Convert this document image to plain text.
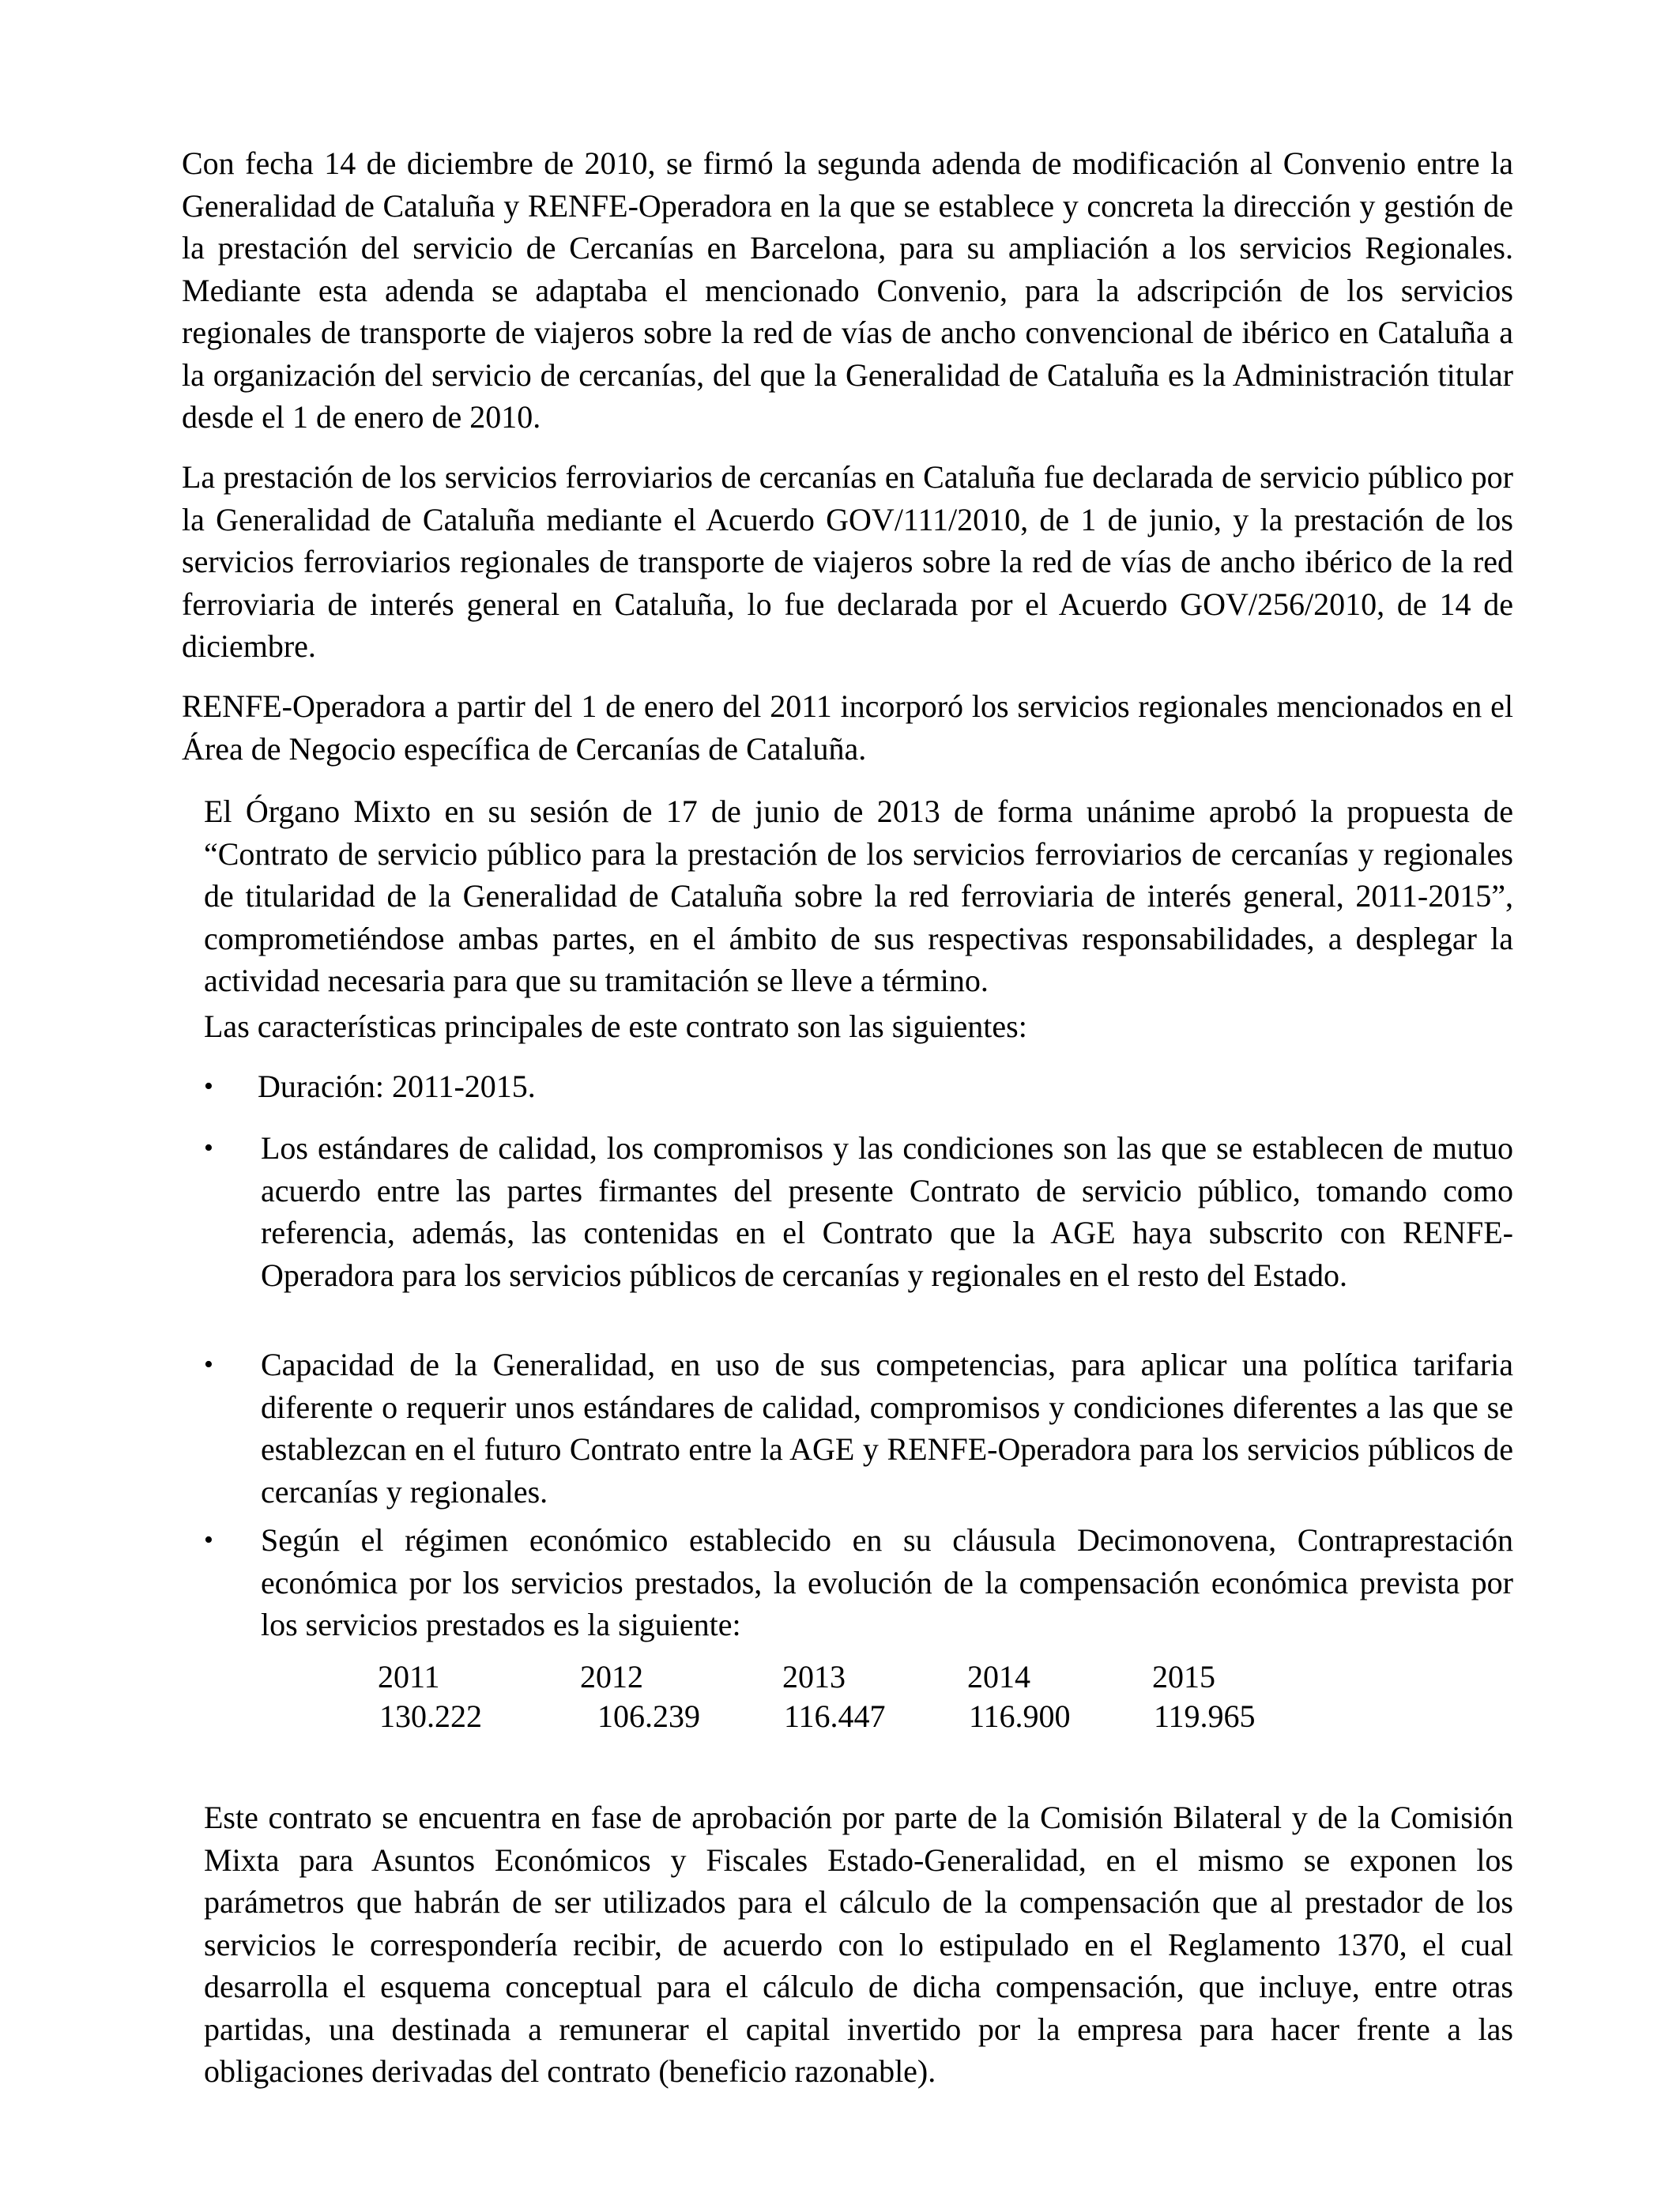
Con fecha 14 de diciembre de 2010, se firmó la segunda adenda de modificación al Convenio entre la Generalidad de Cataluña y RENFE-Operadora en la que se establece y concreta la dirección y gestión de la prestación del servicio de Cercanías en Barcelona, para su ampliación a los servicios Regionales. Mediante esta adenda se adaptaba el mencionado Convenio, para la adscripción de los servicios regionales de transporte de viajeros sobre la red de vías de ancho convencional de ibérico en Cataluña a la organización del servicio de cercanías, del que la Generalidad de Cataluña es la Administración titular desde el 1 de enero de 2010.

La prestación de los servicios ferroviarios de cercanías en Cataluña fue declarada de servicio público por la Generalidad de Cataluña mediante el Acuerdo GOV/111/2010, de 1 de junio, y la prestación de los servicios ferroviarios regionales de transporte de viajeros sobre la red de vías de ancho ibérico de la red ferroviaria de interés general en Cataluña, lo fue declarada por el Acuerdo GOV/256/2010, de 14 de diciembre.

RENFE-Operadora a partir del 1 de enero del 2011 incorporó los servicios regionales mencionados en el Área de Negocio específica de Cercanías de Cataluña.

El Órgano Mixto en su sesión de 17 de junio de 2013 de forma unánime aprobó la propuesta de “Contrato de servicio público para la prestación de los servicios ferroviarios de cercanías y regionales de titularidad de la Generalidad de Cataluña sobre la red ferroviaria de interés general, 2011-2015”, comprometiéndose ambas partes, en el ámbito de sus respectivas responsabilidades, a desplegar la actividad necesaria para que su tramitación se lleve a término.

Las características principales de este contrato son las siguientes:

•	Duración: 2011-2015.
•	Los estándares de calidad, los compromisos y las condiciones son las que se establecen de mutuo acuerdo entre las partes firmantes del presente Contrato de servicio público, tomando como referencia, además, las contenidas en el Contrato que la AGE haya subscrito con RENFE-Operadora para los servicios públicos de cercanías y regionales en el resto del Estado.
•	Capacidad de la Generalidad, en uso de sus competencias, para aplicar una política tarifaria diferente o requerir unos estándares de calidad, compromisos y condiciones diferentes a las que se establezcan en el futuro Contrato entre la AGE y RENFE-Operadora para los servicios públicos de cercanías y regionales.
•	Según el régimen económico establecido en su cláusula Decimonovena, Contraprestación económica por los servicios prestados, la evolución de la compensación económica prevista por los servicios prestados es la siguiente:
2011	2012	2013	2014	2015
130.222	106.239	116.447	116.900	119.965

Este contrato se encuentra en fase de aprobación por parte de la Comisión Bilateral y de la Comisión Mixta para Asuntos Económicos y Fiscales Estado-Generalidad, en el mismo se exponen los parámetros que habrán de ser utilizados para el cálculo de la compensación que al prestador de los servicios le correspondería recibir, de acuerdo con lo estipulado en el Reglamento 1370, el cual desarrolla el esquema conceptual para el cálculo de dicha compensación, que incluye, entre otras partidas, una destinada a remunerar el capital invertido por la empresa para hacer frente a las obligaciones derivadas del contrato (beneficio razonable).
